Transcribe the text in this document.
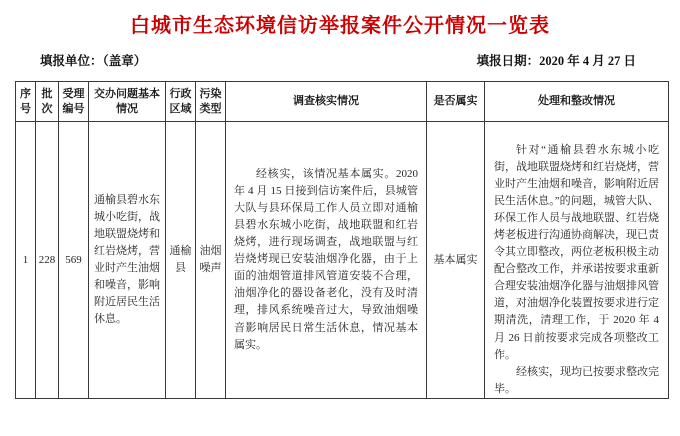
白城市生态环境信访举报案件公开情况一览表
填报单位：（盖章）	填报日期：2020 年 4 月 27 日
序号	批次	受理编号	交办问题基本情况	行政区域	污染类型	调查核实情况	是否属实	处理和整改情况
1	228	569	通榆县碧水东城小吃街，战地联盟烧烤和红岩烧烤，营业时产生油烟和噪音，影响附近居民生活休息。	通榆县	油烟噪声	经核实，该情况基本属实。2020 年 4 月 15 日接到信访案件后，县城管大队与县环保局工作人员立即对通榆县碧水东城小吃街，战地联盟和红岩烧烤，进行现场调查，战地联盟与红岩烧烤现已安装油烟净化器，由于上面的油烟管道排风管道安装不合理，油烟净化的器设备老化，没有及时清理，排风系统噪音过大，导致油烟噪音影响居民日常生活休息，情况基本属实。	基本属实	针对“通榆县碧水东城小吃街，战地联盟烧烤和红岩烧烤，营业时产生油烟和噪音，影响附近居民生活休息。”的问题，城管大队、环保工作人员与战地联盟、红岩烧烤老板进行沟通协商解决，现已责令其立即整改，两位老板积极主动配合整改工作，并承诺按要求重新合理安装油烟净化器与油烟排风管道，对油烟净化装置按要求进行定期清洗，清理工作，于 2020 年 4 月 26 日前按要求完成各项整改工作。

经核实，现均已按要求整改完毕。
